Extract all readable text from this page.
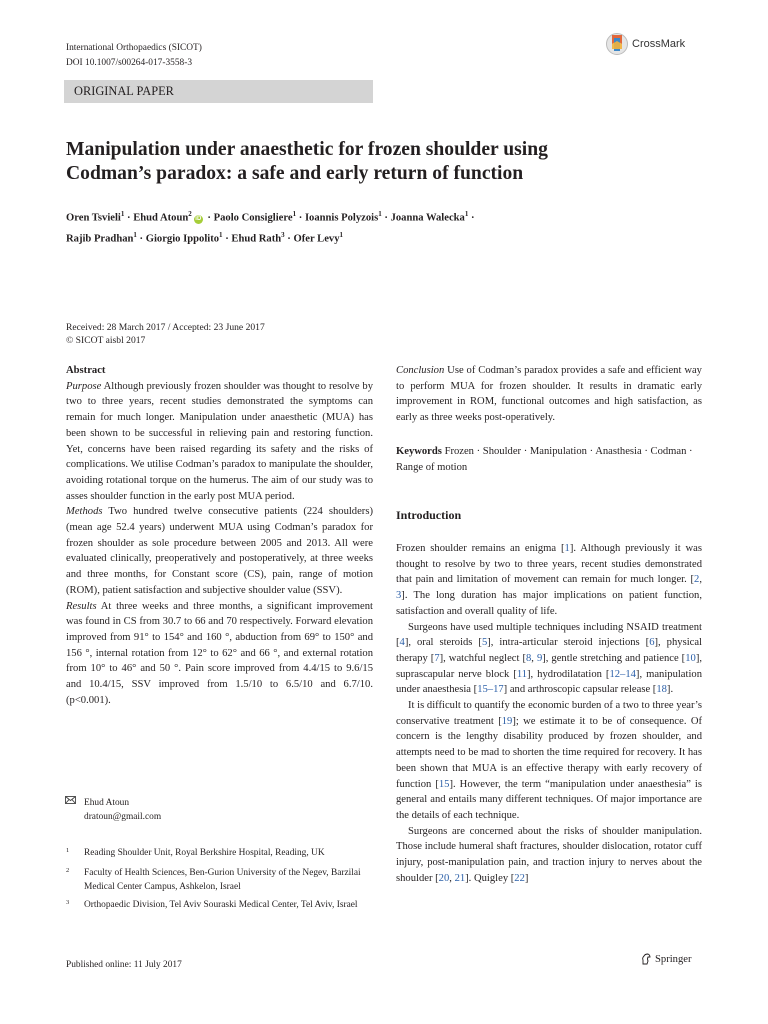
International Orthopaedics (SICOT)
DOI 10.1007/s00264-017-3558-3
CrossMark
ORIGINAL PAPER
Manipulation under anaesthetic for frozen shoulder using
Codman’s paradox: a safe and early return of function
Oren Tsvieli$^1$ · Ehud Atoun$^2$iD · Paolo Consigliere$^1$ · Ioannis Polyzois$^1$ · Joanna Walecka$^1$ ·
Rajib Pradhan$^1$ · Giorgio Ippolito$^1$ · Ehud Rath$^3$ · Ofer Levy$^1$
Received: 28 March 2017 / Accepted: 23 June 2017
© SICOT aisbl 2017
Abstract

Purpose Although previously frozen shoulder was thought to resolve by two to three years, recent studies demonstrated the symptoms can remain for much longer. Manipulation under anaesthetic (MUA) has been shown to be successful in relieving pain and restoring function. Yet, concerns have been raised regarding its safety and the risks of complications. We utilise Codman’s paradox to manipulate the shoulder, avoiding rotational torque on the humerus. The aim of our study was to asses shoulder function in the early post MUA period.

Methods Two hundred twelve consecutive patients (224 shoulders) (mean age 52.4 years) underwent MUA using Codman’s paradox for frozen shoulder as sole procedure between 2005 and 2013. All were evaluated clinically, preoperatively and postoperatively, at three weeks and three months, for Constant score (CS), pain, range of motion (ROM), patient satisfaction and subjective shoulder value (SSV).

Results At three weeks and three months, a significant improvement was found in CS from 30.7 to 66 and 70 respectively. Forward elevation improved from 91° to 154° and 160 °, abduction from 69° to 150° and 156 °, internal rotation from 12° to 62° and 66 °, and external rotation from 10° to 46° and 50 °. Pain score improved from 4.4/15 to 9.6/15 and 10.4/15, SSV improved from 1.5/10 to 6.5/10 and 6.7/10. (p<0.001).

Ehud Atoun
dratoun@gmail.com
1 Reading Shoulder Unit, Royal Berkshire Hospital, Reading, UK
2 Faculty of Health Sciences, Ben-Gurion University of the Negev, Barzilai Medical Center Campus, Ashkelon, Israel
3 Orthopaedic Division, Tel Aviv Souraski Medical Center, Tel Aviv, Israel

Conclusion Use of Codman’s paradox provides a safe and efficient way to perform MUA for frozen shoulder. It results in dramatic early improvement in ROM, functional outcomes and high satisfaction, as early as three weeks post-operatively.

Keywords Frozen · Shoulder · Manipulation · Anasthesia · Codman · Range of motion

Introduction

Frozen shoulder remains an enigma [1]. Although previously it was thought to resolve by two to three years, recent studies demonstrated that pain and limitation of movement can remain for much longer. [2, 3]. The long duration has major implications on patient function, satisfaction and overall quality of life.

Surgeons have used multiple techniques including NSAID treatment [4], oral steroids [5], intra-articular steroid injections [6], physical therapy [7], watchful neglect [8, 9], gentle stretching and patience [10], suprascapular nerve block [11], hydrodilatation [12–14], manipulation under anaesthesia [15–17] and arthroscopic capsular release [18].

It is difficult to quantify the economic burden of a two to three year’s conservative treatment [19]; we estimate it to be of consequence. Of concern is the lengthy disability produced by frozen shoulder, and attempts need to be mad to shorten the time required for recovery. It has been shown that MUA is an effective therapy with early recovery of function [15]. However, the term “manipulation under anaesthesia” is general and entails many different techniques. Of major importance are the details of each technique.

Surgeons are concerned about the risks of shoulder manipulation. Those include humeral shaft fractures, shoulder dislocation, rotator cuff injury, post-manipulation pain, and traction injury to nerves about the shoulder [20, 21]. Quigley [22]

Published online: 11 July 2017
Springer
